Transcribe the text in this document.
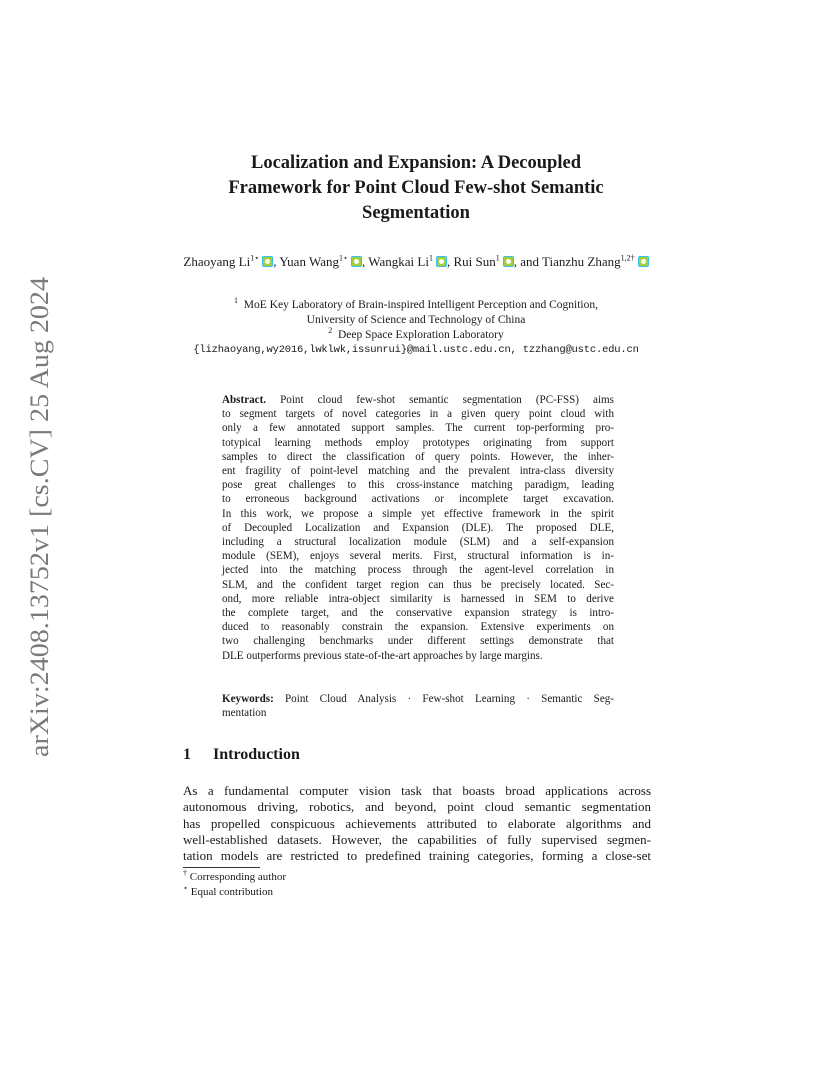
arXiv:2408.13752v1 [cs.CV] 25 Aug 2024
Localization and Expansion: A Decoupled
Framework for Point Cloud Few-shot Semantic
Segmentation
Zhaoyang $Li^{1⋆}$ , Yuan Wang$^{1⋆}$ , Wangkai Li$^1$ , Rui Sun$^1$ , and Tianzhu Zhang$^{1,2\dagger}$
$^1$ MoE Key Laboratory of Brain-inspired Intelligent Perception and Cognition,
University of Science and Technology of China
$^2$ Deep Space Exploration Laboratory
{lizhaoyang,wy2016,lwklwk,issunrui}@mail.ustc.edu.cn, tzzhang@ustc.edu.cn
Abstract. Point cloud few-shot semantic segmentation (PC-FSS) aims
to segment targets of novel categories in a given query point cloud with
only a few annotated support samples. The current top-performing pro-
totypical learning methods employ prototypes originating from support
samples to direct the classification of query points. However, the inher-
ent fragility of point-level matching and the prevalent intra-class diversity
pose great challenges to this cross-instance matching paradigm, leading
to erroneous background activations or incomplete target excavation.
In this work, we propose a simple yet effective framework in the spirit
of Decoupled Localization and Expansion (DLE). The proposed DLE,
including a structural localization module (SLM) and a self-expansion
module (SEM), enjoys several merits. First, structural information is in-
jected into the matching process through the agent-level correlation in
SLM, and the confident target region can thus be precisely located. Sec-
ond, more reliable intra-object similarity is harnessed in SEM to derive
the complete target, and the conservative expansion strategy is intro-
duced to reasonably constrain the expansion. Extensive experiments on
two challenging benchmarks under different settings demonstrate that
DLE outperforms previous state-of-the-art approaches by large margins.
Keywords: Point Cloud Analysis · Few-shot Learning · Semantic Seg-
mentation
1 Introduction
As a fundamental computer vision task that boasts broad applications across
autonomous driving, robotics, and beyond, point cloud semantic segmentation
has propelled conspicuous achievements attributed to elaborate algorithms and
well-established datasets. However, the capabilities of fully supervised segmen-
tation models are restricted to predefined training categories, forming a close-set
† Corresponding author
⋆ Equal contribution
